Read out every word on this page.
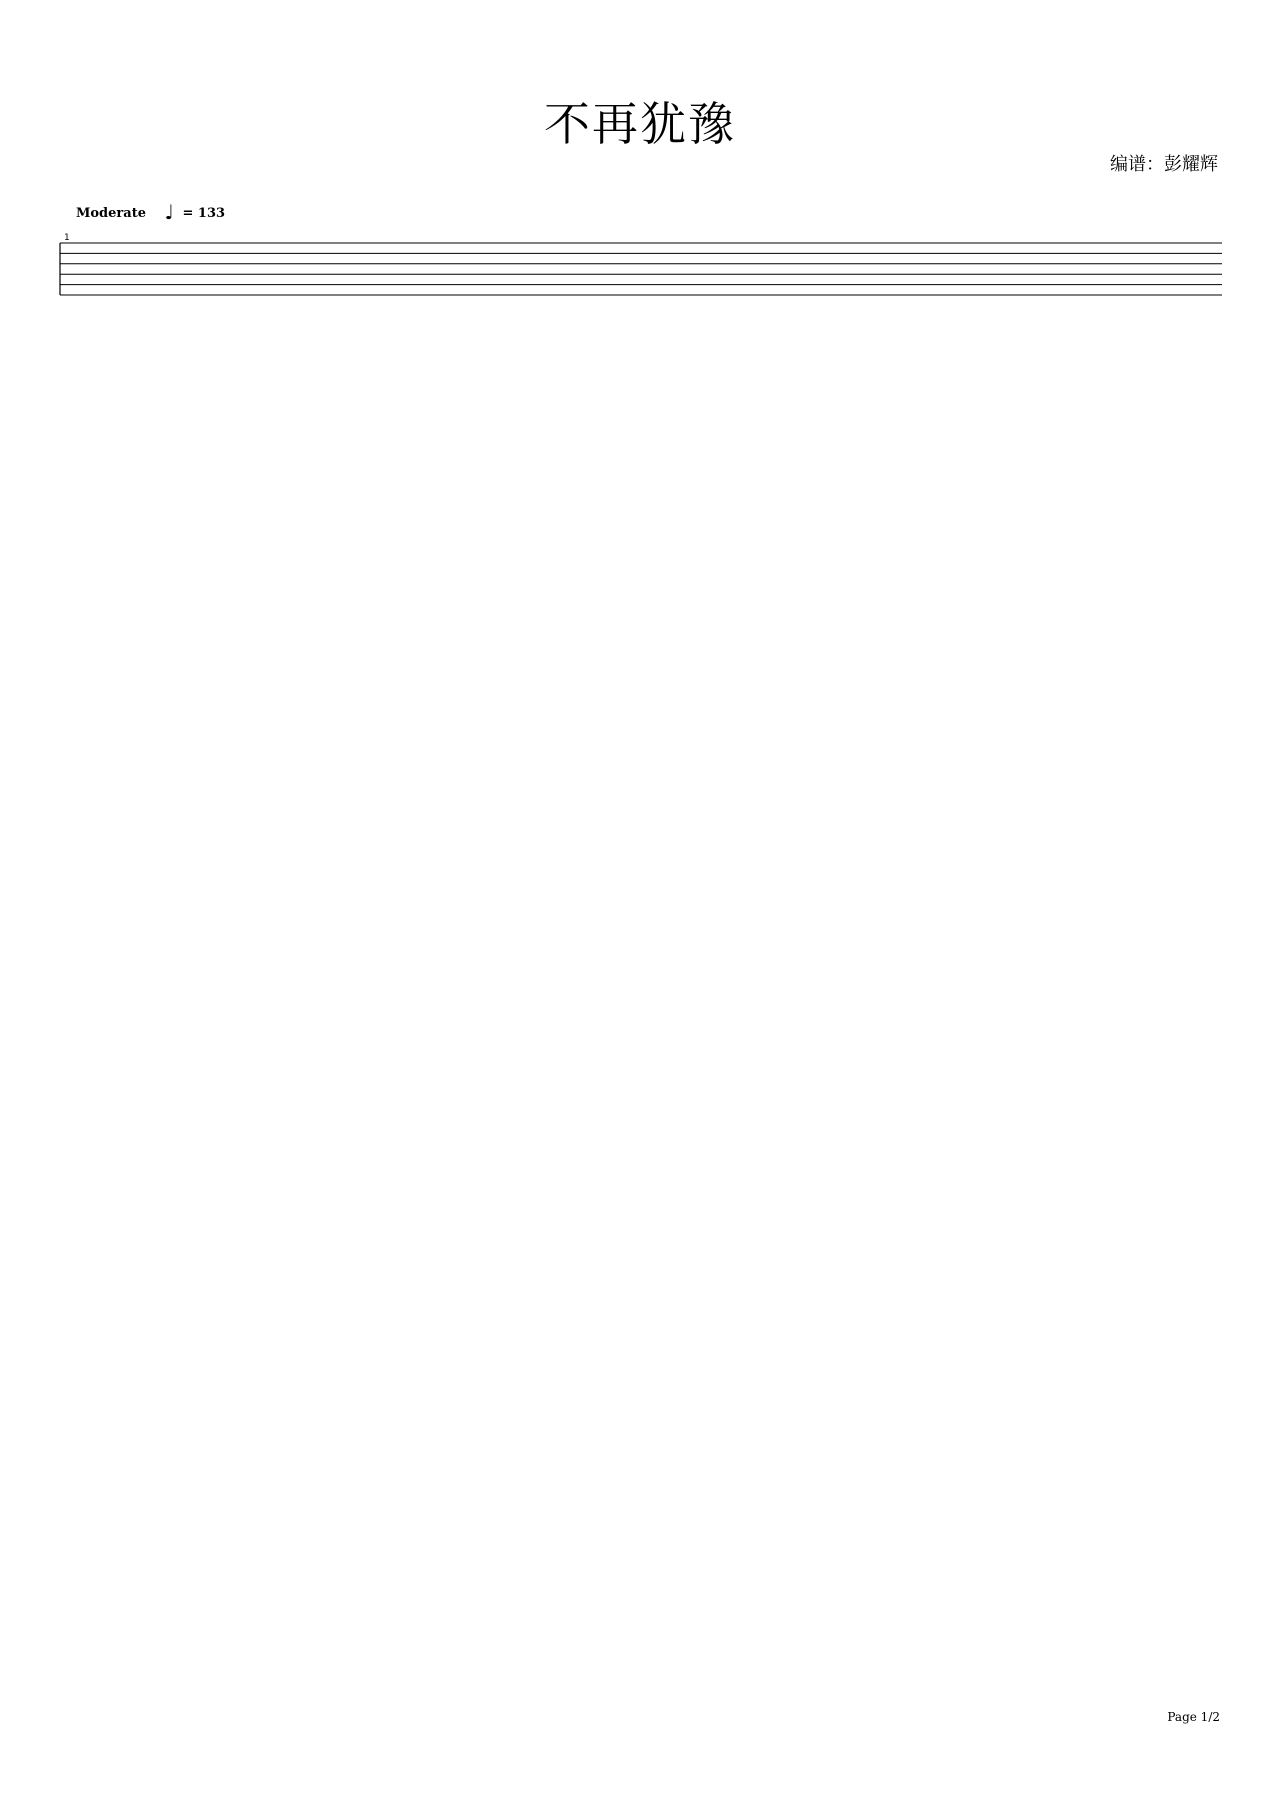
不再犹豫
编谱：彭耀辉
Moderate ♩ = 133
1
Page 1/2
